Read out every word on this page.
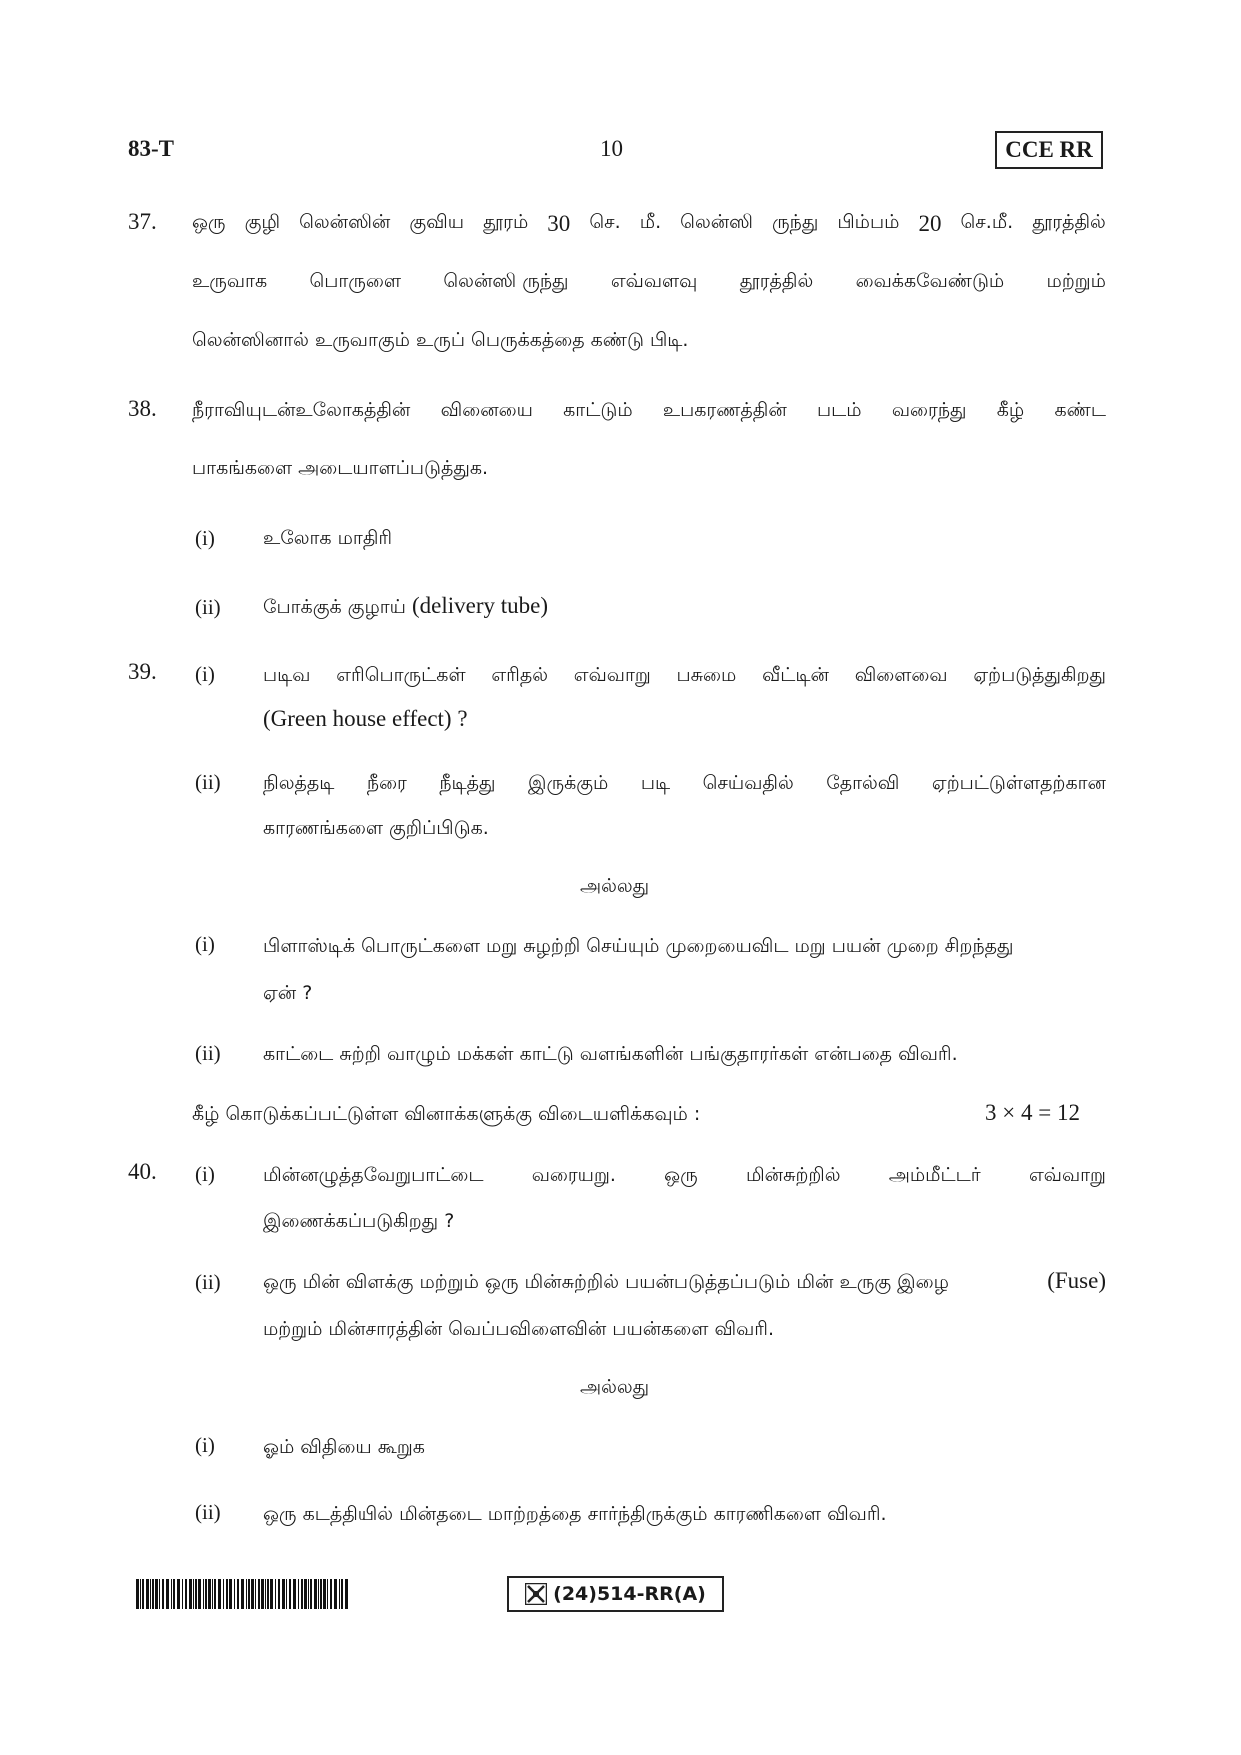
83-T	10	CCE RR
37. ஒரு குழி லென்ஸின் குவிய தூரம் 30 செ. மீ. லென்ஸி ருந்து பிம்பம் 20 செ.மீ. தூரத்தில்
உருவாக பொருளை லென்ஸி ருந்து எவ்வளவு தூரத்தில் வைக்கவேண்டும் மற்றும்
லென்ஸினால் உருவாகும் உருப் பெருக்கத்தை கண்டு பிடி.
38. நீராவியுடன்உலோகத்தின் வினையை காட்டும் உபகரணத்தின் படம் வரைந்து கீழ் கண்ட
பாகங்களை அடையாளப்படுத்துக.
(i)	உலோக மாதிரி
(ii) போக்குக் குழாய் (delivery tube)
39. (i)	படிவ எரிபொருட்கள் எரிதல் எவ்வாறு பசுமை வீட்டின் விளைவை ஏற்படுத்துகிறது
(Green house effect) ?
(ii) நிலத்தடி நீரை நீடித்து இருக்கும் படி செய்வதில் தோல்வி ஏற்பட்டுள்ளதற்கான
காரணங்களை குறிப்பிடுக.
அல்லது
(i)	பிளாஸ்டிக் பொருட்களை மறு சுழற்றி செய்யும் முறையைவிட மறு பயன் முறை சிறந்தது
ஏன் ?
(ii) காட்டை சுற்றி வாழும் மக்கள் காட்டு வளங்களின் பங்குதாரர்கள் என்பதை விவரி.
கீழ் கொடுக்கப்பட்டுள்ள வினாக்களுக்கு விடையளிக்கவும் :	3 × 4 = 12
40. (i)	மின்னழுத்தவேறுபாட்டை	வரையறு.	ஒரு	மின்சுற்றில்	அம்மீட்டர்	எவ்வாறு
இணைக்கப்படுகிறது ?
(ii) ஒரு மின் விளக்கு மற்றும் ஒரு மின்சுற்றில் பயன்படுத்தப்படும் மின் உருகு இழை	(Fuse)
மற்றும் மின்சாரத்தின் வெப்பவிளைவின் பயன்களை விவரி.
அல்லது
(i)	ஓம் விதியை கூறுக
(ii) ஒரு கடத்தியில் மின்தடை மாற்றத்தை சார்ந்திருக்கும் காரணிகளை விவரி.
(24)514-RR(A)
